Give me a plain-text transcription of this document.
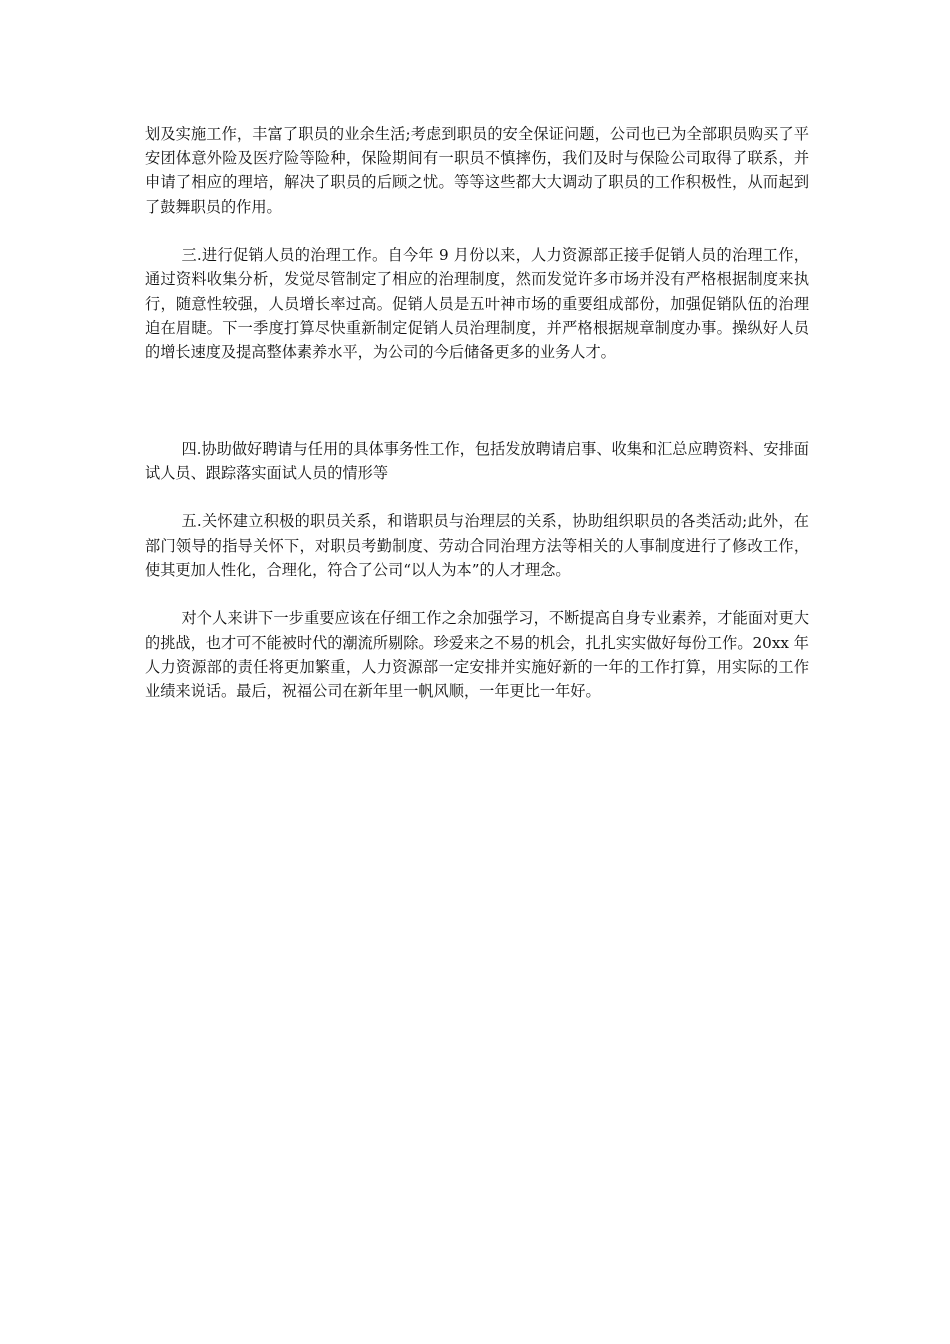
划及实施工作，丰富了职员的业余生活;考虑到职员的安全保证问题，公司也已为全部职员购买了平安团体意外险及医疗险等险种，保险期间有一职员不慎摔伤，我们及时与保险公司取得了联系，并申请了相应的理培，解决了职员的后顾之忧。等等这些都大大调动了职员的工作积极性，从而起到了鼓舞职员的作用。

三.进行促销人员的治理工作。自今年 9 月份以来，人力资源部正接手促销人员的治理工作，通过资料收集分析，发觉尽管制定了相应的治理制度，然而发觉许多市场并没有严格根据制度来执行，随意性较强，人员增长率过高。促销人员是五叶神市场的重要组成部份，加强促销队伍的治理迫在眉睫。下一季度打算尽快重新制定促销人员治理制度，并严格根据规章制度办事。操纵好人员的增长速度及提高整体素养水平，为公司的今后储备更多的业务人才。

四.协助做好聘请与任用的具体事务性工作，包括发放聘请启事、收集和汇总应聘资料、安排面试人员、跟踪落实面试人员的情形等

五.关怀建立积极的职员关系，和谐职员与治理层的关系，协助组织职员的各类活动;此外，在部门领导的指导关怀下，对职员考勤制度、劳动合同治理方法等相关的人事制度进行了修改工作，使其更加人性化，合理化，符合了公司“以人为本”的人才理念。

对个人来讲下一步重要应该在仔细工作之余加强学习，不断提高自身专业素养，才能面对更大的挑战，也才可不能被时代的潮流所剔除。珍爱来之不易的机会，扎扎实实做好每份工作。20xx 年人力资源部的责任将更加繁重，人力资源部一定安排并实施好新的一年的工作打算，用实际的工作业绩来说话。最后，祝福公司在新年里一帆风顺，一年更比一年好。
